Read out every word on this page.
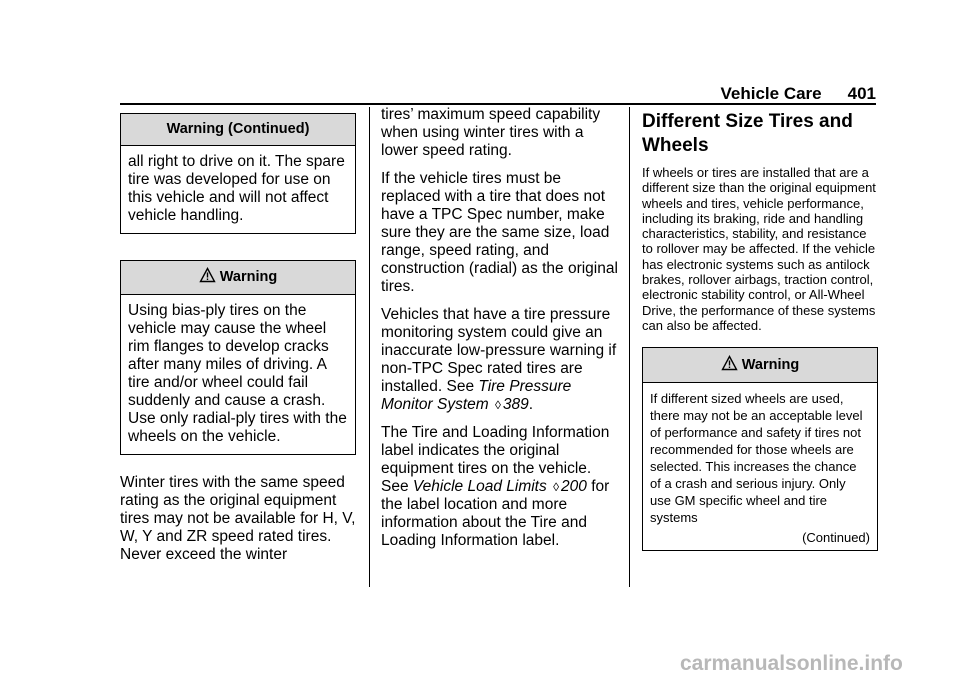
Vehicle Care 401
Warning (Continued)
all right to drive on it. The spare tire was developed for use on this vehicle and will not affect vehicle handling.
Warning
Using bias-ply tires on the vehicle may cause the wheel rim flanges to develop cracks after many miles of driving. A tire and/or wheel could fail suddenly and cause a crash. Use only radial-ply tires with the wheels on the vehicle.

Winter tires with the same speed rating as the original equipment tires may not be available for H, V, W, Y and ZR speed rated tires. Never exceed the winter

tires’ maximum speed capability when using winter tires with a lower speed rating.

If the vehicle tires must be replaced with a tire that does not have a TPC Spec number, make sure they are the same size, load range, speed rating, and construction (radial) as the original tires.

Vehicles that have a tire pressure monitoring system could give an inaccurate low-pressure warning if non-TPC Spec rated tires are installed. See Tire Pressure Monitor System ◊ 389.

The Tire and Loading Information label indicates the original equipment tires on the vehicle. See Vehicle Load Limits ◊ 200 for the label location and more information about the Tire and Loading Information label.

Different Size Tires and Wheels

If wheels or tires are installed that are a different size than the original equipment wheels and tires, vehicle performance, including its braking, ride and handling characteristics, stability, and resistance to rollover may be affected. If the vehicle has electronic systems such as antilock brakes, rollover airbags, traction control, electronic stability control, or All-Wheel Drive, the performance of these systems can also be affected.

Warning

If different sized wheels are used, there may not be an acceptable level of performance and safety if tires not recommended for those wheels are selected. This increases the chance of a crash and serious injury. Only use GM specific wheel and tire systems

(Continued)
carmanualsonline.info
